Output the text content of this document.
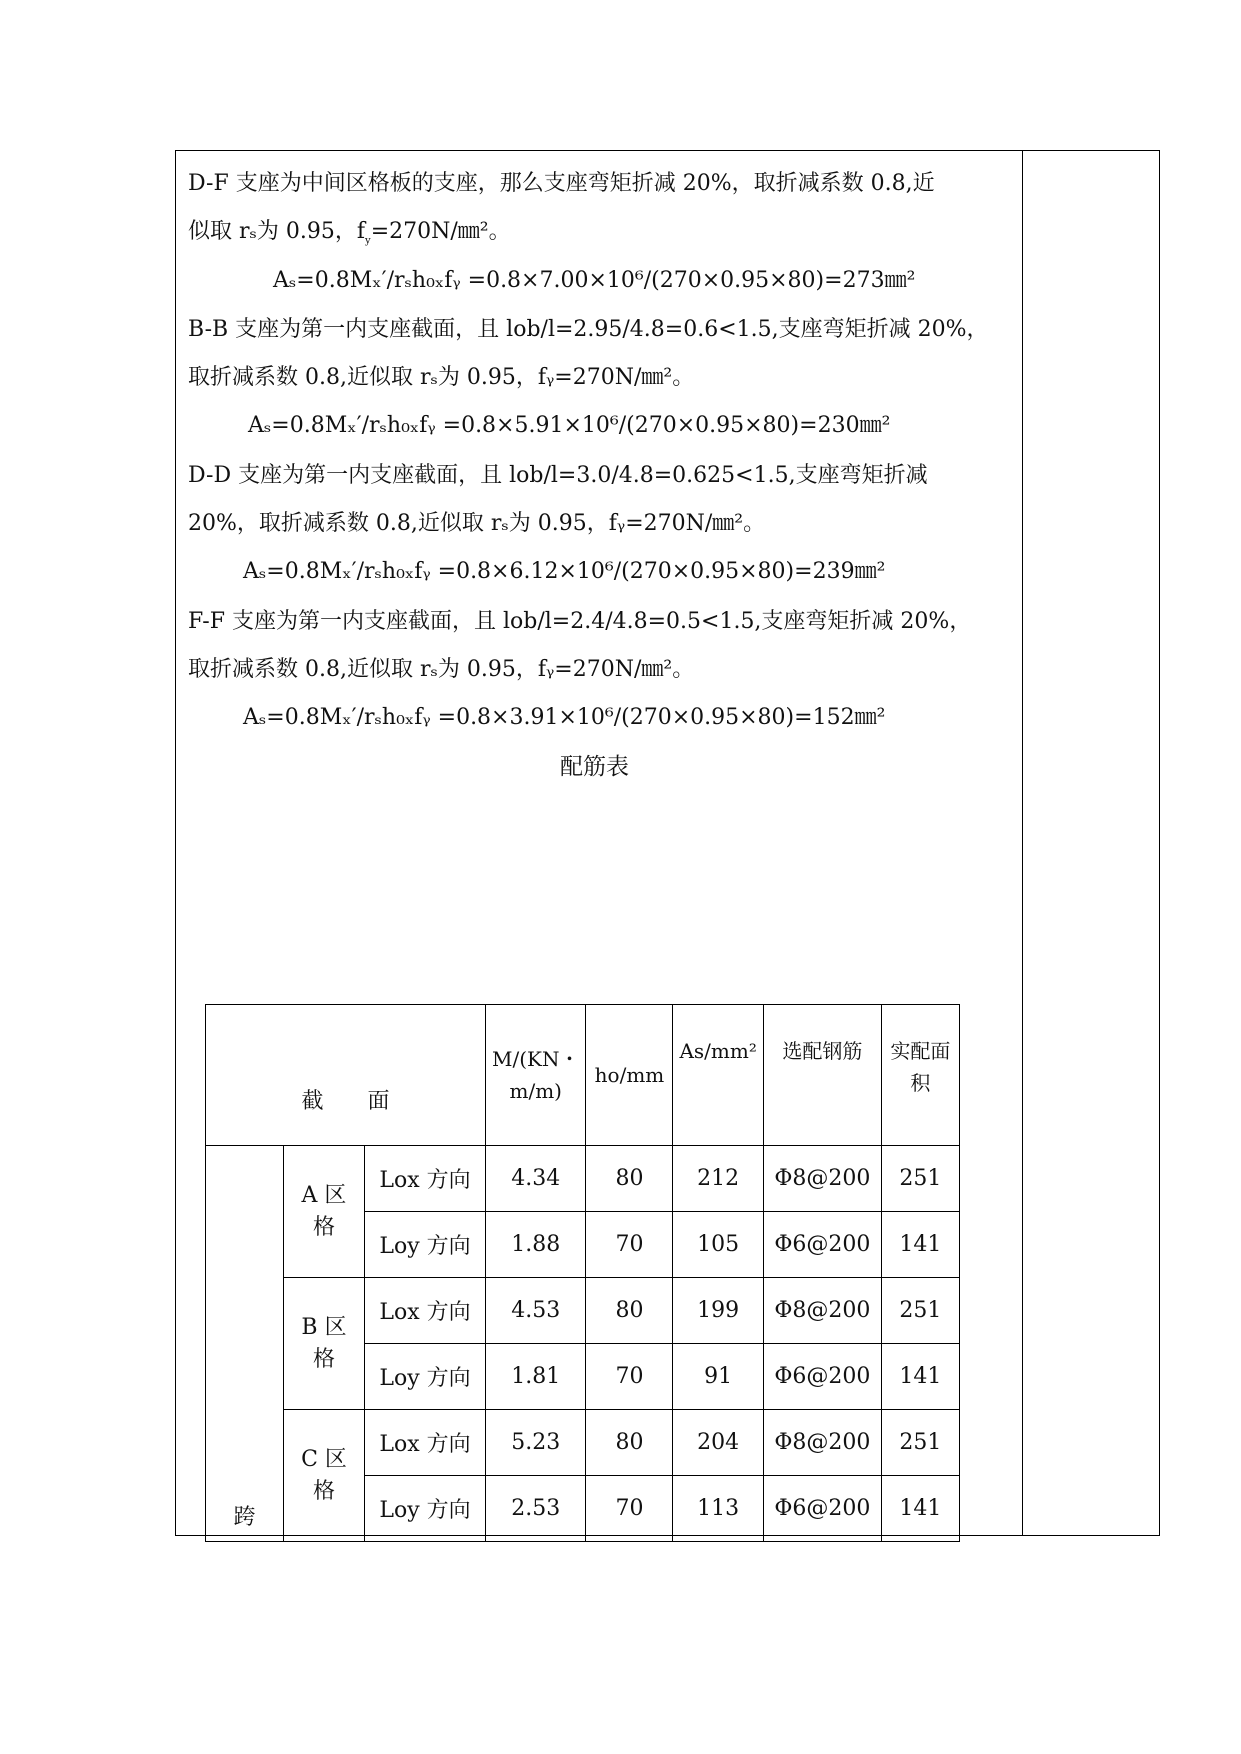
D-F 支座为中间区格板的支座，那么支座弯矩折减 20%，取折减系数 0.8,近
似取 rₛ为 0.95，$f_y=270N/㎜^2$。
Aₛ=0.8Mₓ′/rₛh₀ₓfᵧ =0.8×7.00×10⁶/(270×0.95×80)=273㎜²
B-B 支座为第一内支座截面，且 lob/l=2.95/4.8=0.6<1.5,支座弯矩折减 20%，
取折减系数 0.8,近似取 rₛ为 0.95，fᵧ=270N/㎜²。
Aₛ=0.8Mₓ′/rₛh₀ₓfᵧ =0.8×5.91×10⁶/(270×0.95×80)=230㎜²
D-D 支座为第一内支座截面，且 lob/l=3.0/4.8=0.625<1.5,支座弯矩折减
20%，取折减系数 0.8,近似取 rₛ为 0.95，fᵧ=270N/㎜²。
Aₛ=0.8Mₓ′/rₛh₀ₓfᵧ =0.8×6.12×10⁶/(270×0.95×80)=239㎜²
F-F 支座为第一内支座截面，且 lob/l=2.4/4.8=0.5<1.5,支座弯矩折减 20%，
取折减系数 0.8,近似取 rₛ为 0.95，fᵧ=270N/㎜²。
Aₛ=0.8Mₓ′/rₛh₀ₓfᵧ =0.8×3.91×10⁶/(270×0.95×80)=152㎜²
配筋表
截　　面			M/(KN・m/m)	ho/mm	As/mm²	选配钢筋	实配面积
跨	A 区格	Lox 方向	4.34	80	212	Φ8@200	251
		Loy 方向	1.88	70	105	Φ6@200	141
	B 区格	Lox 方向	4.53	80	199	Φ8@200	251
		Loy 方向	1.81	70	91	Φ6@200	141
	C 区格	Lox 方向	5.23	80	204	Φ8@200	251
		Loy 方向	2.53	70	113	Φ6@200	141
